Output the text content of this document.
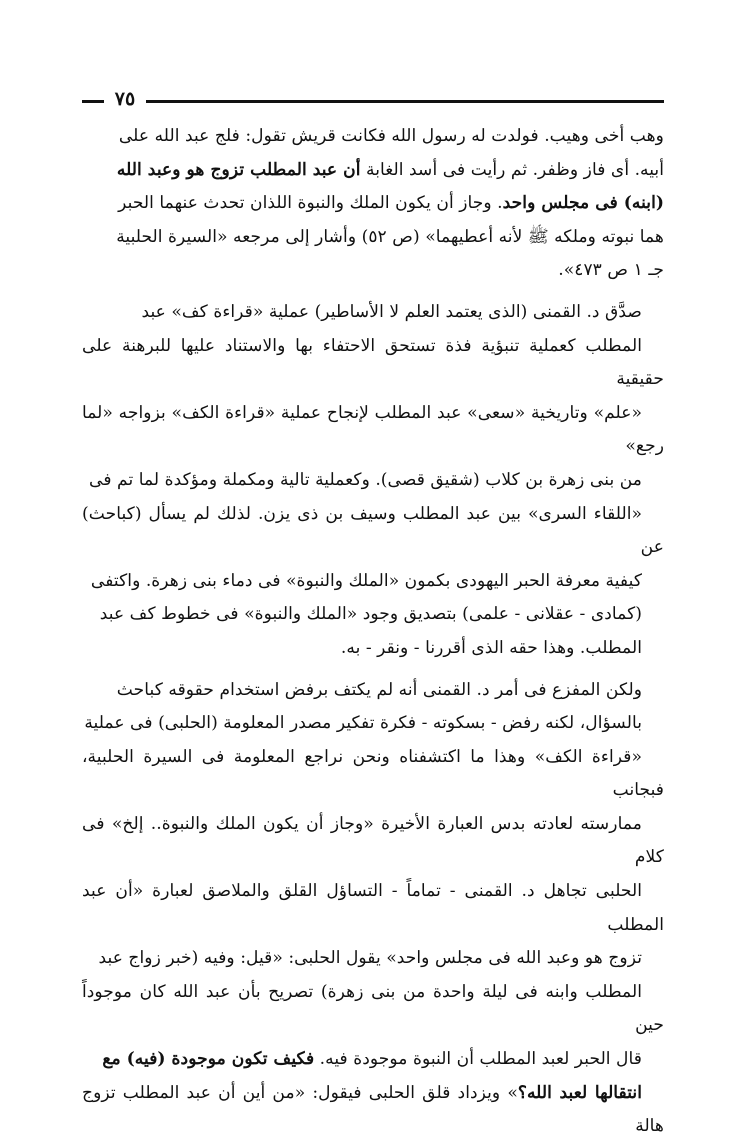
٧٥
وهب أخى وهيب. فولدت له رسول الله فكانت قريش تقول: فلج عبد الله على
أبيه. أى فاز وظفر. ثم رأيت فى أسد الغابة أن عبد المطلب تزوج هو وعبد الله
(ابنه) فى مجلس واحد. وجاز أن يكون الملك والنبوة اللذان تحدث عنهما الحبر
هما نبوته وملكه ﷺ لأنه أعطيهما» (ص ٥٢) وأشار إلى مرجعه «السيرة الحلبية
جـ ١ ص ٤٧٣».
صدَّق د. القمنى (الذى يعتمد العلم لا الأساطير) عملية «قراءة كف» عبد
المطلب كعملية تنبؤية فذة تستحق الاحتفاء بها والاستناد عليها للبرهنة على حقيقية
«علم» وتاريخية «سعى» عبد المطلب لإنجاح عملية «قراءة الكف» بزواجه «لما رجع»
من بنى زهرة بن كلاب (شقيق قصى). وكعملية تالية ومكملة ومؤكدة لما تم فى
«اللقاء السرى» بين عبد المطلب وسيف بن ذى يزن. لذلك لم يسأل (كباحث) عن
كيفية معرفة الحبر اليهودى بكمون «الملك والنبوة» فى دماء بنى زهرة. واكتفى
(كمادى - عقلانى - علمى) بتصديق وجود «الملك والنبوة» فى خطوط كف عبد
المطلب. وهذا حقه الذى أقررنا - ونقر - به.
ولكن المفزع فى أمر د. القمنى أنه لم يكتف برفض استخدام حقوقه كباحث
بالسؤال، لكنه رفض - بسكوته - فكرة تفكير مصدر المعلومة (الحلبى) فى عملية
«قراءة الكف» وهذا ما اكتشفناه ونحن نراجع المعلومة فى السيرة الحلبية، فبجانب
ممارسته لعادته بدس العبارة الأخيرة «وجاز أن يكون الملك والنبوة.. إلخ» فى كلام
الحلبى تجاهل د. القمنى - تماماً - التساؤل القلق والملاصق لعبارة «أن عبد المطلب
تزوج هو وعبد الله فى مجلس واحد» يقول الحلبى: «قيل: وفيه (خبر زواج عبد
المطلب وابنه فى ليلة واحدة من بنى زهرة) تصريح بأن عبد الله كان موجوداً حين
قال الحبر لعبد المطلب أن النبوة موجودة فيه. فكيف تكون موجودة (فيه) مع
انتقالها لعبد الله؟» ويزداد قلق الحلبى فيقول: «من أين أن عبد المطلب تزوج هالة
